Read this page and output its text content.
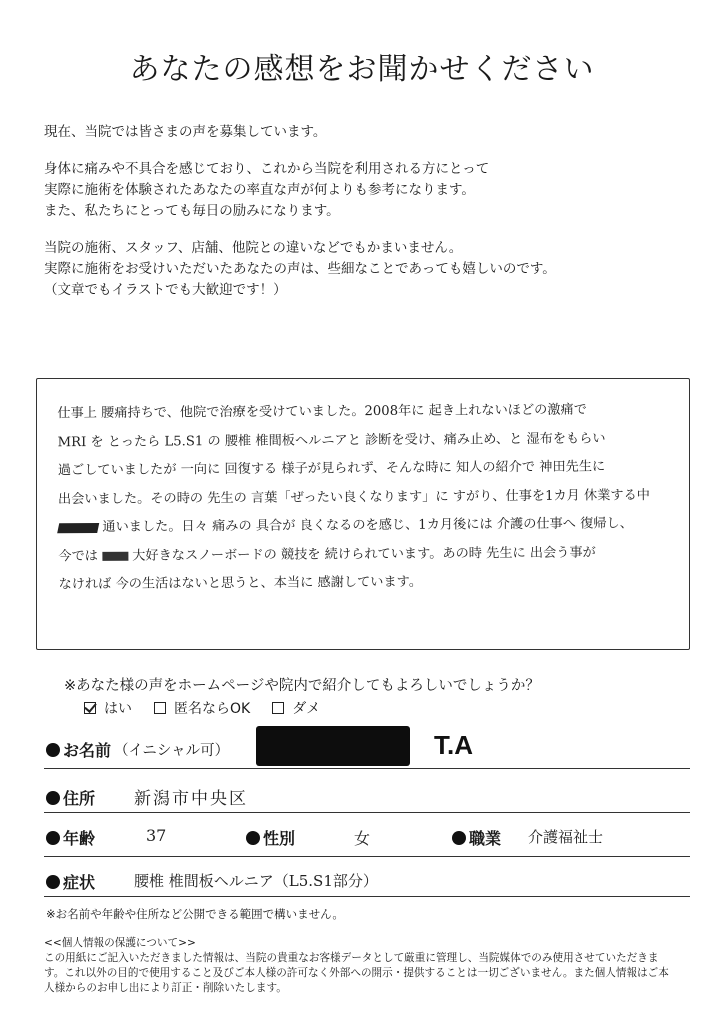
あなたの感想をお聞かせください

現在、当院では皆さまの声を募集しています。

身体に痛みや不具合を感じており、これから当院を利用される方にとって

実際に施術を体験されたあなたの率直な声が何よりも参考になります。

また、私たちにとっても毎日の励みになります。

当院の施術、スタッフ、店舗、他院との違いなどでもかまいません。

実際に施術をお受けいただいたあなたの声は、些細なことであっても嬉しいのです。

（文章でもイラストでも大歓迎です！）

仕事上 腰痛持ちで、他院で治療を受けていました。2008年に 起き上れないほどの激痛で
MRI を とったら L5.S1 の 腰椎 椎間板ヘルニアと 診断を受け、痛み止め、と 湿布をもらい
過ごしていましたが 一向に 回復する 様子が見られず、そんな時に 知人の紹介で 神田先生に
出会いました。その時の 先生の 言葉「ぜったい良くなります」に すがり、仕事を1カ月 休業する中
通いました。日々 痛みの 具合が 良くなるのを感じ、1カ月後には 介護の仕事へ 復帰し、
今では	大好きなスノーボードの 競技を 続けられています。あの時 先生に 出会う事が
なければ 今の生活はないと思うと、本当に 感謝しています。
※あなた様の声をホームページや院内で紹介してもよろしいでしょうか？
はい	匿名ならOK	ダメ
お名前 （イニシャル可）	T.A
住所 新潟市中央区
年齢	37	性別	女	職業 介護福祉士
症状	腰椎 椎間板ヘルニア（L5.S1部分）
※お名前や年齢や住所など公開できる範囲で構いません。
<<個人情報の保護について>>
この用紙にご記入いただきました情報は、当院の貴重なお客様データとして厳重に管理し、当院媒体でのみ使用させていただきま
す。これ以外の目的で使用すること及びご本人様の許可なく外部への開示・提供することは一切ございません。また個人情報はご本
人様からのお申し出により訂正・削除いたします。
